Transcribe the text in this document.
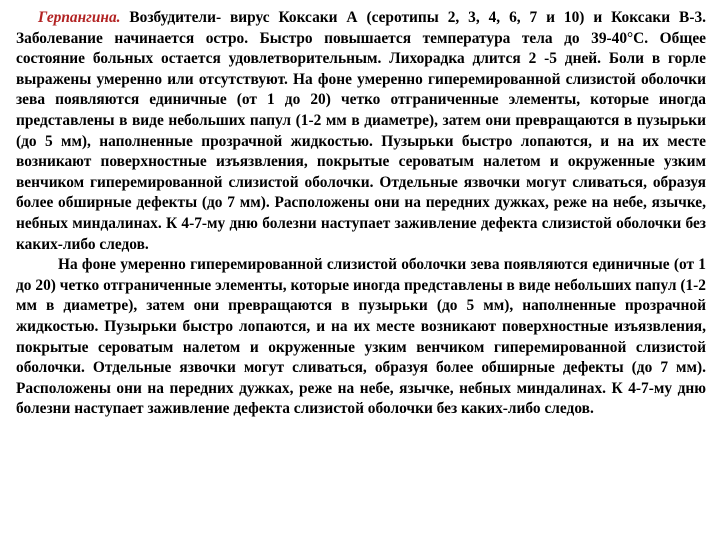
Герпангина. Возбудители- вирус Коксаки А (серотипы 2, 3, 4, 6, 7 и 10) и Коксаки В-3. Заболевание начинается остро. Быстро повышается температура тела до 39-40°С. Общее состояние больных остается удовлетворительным. Лихорадка длится 2 -5 дней. Боли в горле выражены умеренно или отсутствуют. На фоне умеренно гиперемированной слизистой оболочки зева появляются единичные (от 1 до 20) четко отграниченные элементы, которые иногда представлены в виде небольших папул (1-2 мм в диаметре), затем они превращаются в пузырьки (до 5 мм), наполненные прозрачной жидкостью. Пузырьки быстро лопаются, и на их месте возникают поверхностные изъязвления, покрытые сероватым налетом и окруженные узким венчиком гиперемированной слизистой оболочки. Отдельные язвочки могут сливаться, образуя более обширные дефекты (до 7 мм). Расположены они на передних дужках, реже на небе, язычке, небных миндалинах. К 4-7-му дню болезни наступает заживление дефекта слизистой оболочки без каких-либо следов.

На фоне умеренно гиперемированной слизистой оболочки зева появляются единичные (от 1 до 20) четко отграниченные элементы, которые иногда представлены в виде небольших папул (1-2 мм в диаметре), затем они превращаются в пузырьки (до 5 мм), наполненные прозрачной жидкостью. Пузырьки быстро лопаются, и на их месте возникают поверхностные изъязвления, покрытые сероватым налетом и окруженные узким венчиком гиперемированной слизистой оболочки. Отдельные язвочки могут сливаться, образуя более обширные дефекты (до 7 мм). Расположены они на передних дужках, реже на небе, язычке, небных миндалинах. К 4-7-му дню болезни наступает заживление дефекта слизистой оболочки без каких-либо следов.
